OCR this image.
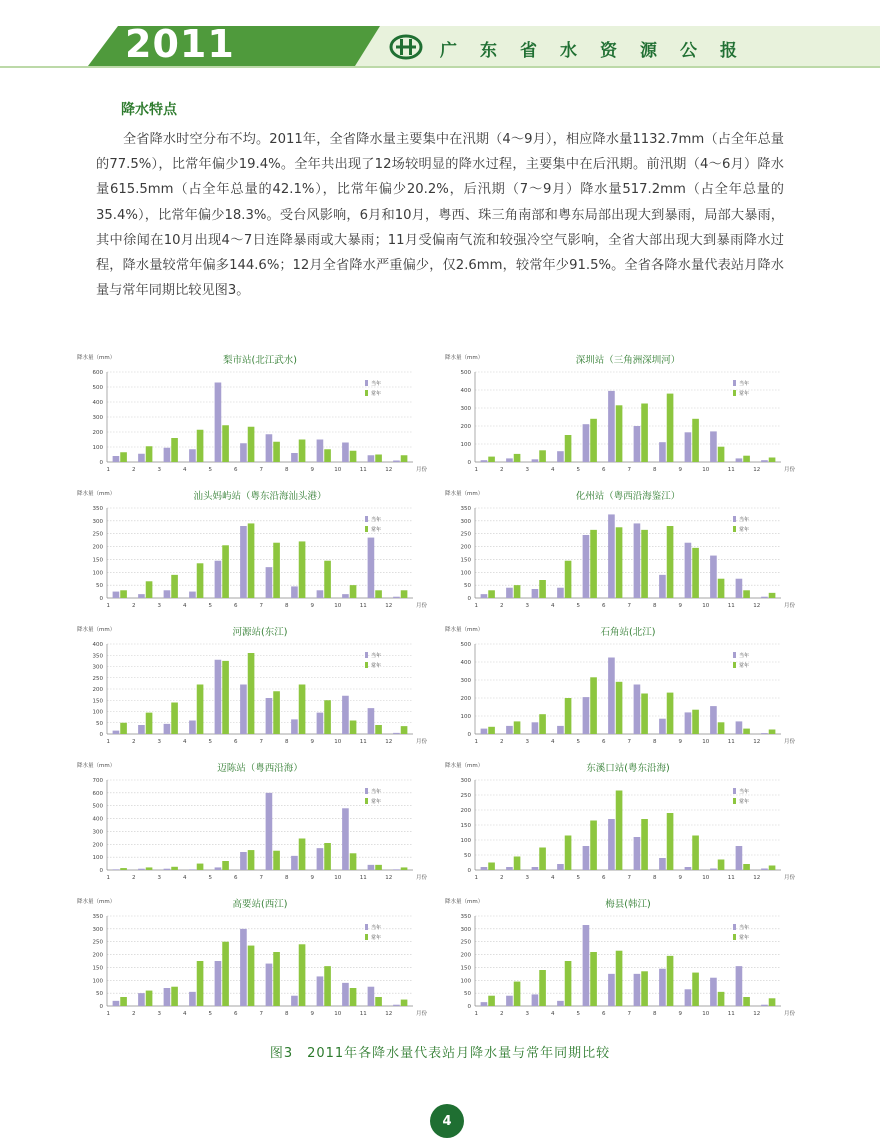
2011	广东省水资源公报
降水特点
全省降水时空分布不均。2011年，全省降水量主要集中在汛期（4～9月），相应降水量1132.7mm（占全年总量的77.5%），比常年偏少19.4%。全年共出现了12场较明显的降水过程，主要集中在后汛期。前汛期（4～6月）降水量615.5mm（占全年总量的42.1%），比常年偏少20.2%，后汛期（7～9月）降水量517.2mm（占全年总量的35.4%），比常年偏少18.3%。受台风影响，6月和10月，粤西、珠三角南部和粤东局部出现大到暴雨，局部大暴雨，其中徐闻在10月出现4～7日连降暴雨或大暴雨；11月受偏南气流和较强冷空气影响，全省大部出现大到暴雨降水过程，降水量较常年偏多144.6%；12月全省降水严重偏少，仅2.6mm，较常年少91.5%。全省各降水量代表站月降水量与常年同期比较见图3。
降水量（mm）	梨市站(北江武水)
0
100
200
300
400
500
600
1	2	3	4	5	6	7	8	9	10	11	12	月份
当年
常年
降水量（mm）	深圳站（三角洲深圳河）
0
100
200
300
400
500
1	2	3	4	5	6	7	8	9	10	11	12	月份
当年
常年
降水量（mm）	汕头妈屿站（粤东沿海汕头港）
0
50
100
150
200
250
300
350
1	2	3	4	5	6	7	8	9	10	11	12	月份
当年
常年
降水量（mm）	化州站（粤西沿海鉴江）
0
50
100
150
200
250
300
350
1	2	3	4	5	6	7	8	9	10	11	12	月份
当年
常年
降水量（mm）	河源站(东江)
0
50
100
150
200
250
300
350
400
1	2	3	4	5	6	7	8	9	10	11	12	月份
当年
常年
降水量（mm）	石角站(北江)
0
100
200
300
400
500
1	2	3	4	5	6	7	8	9	10	11	12	月份
当年
常年
降水量（mm）	迈陈站（粤西沿海）
0
100
200
300
400
500
600
700
1	2	3	4	5	6	7	8	9	10	11	12	月份
当年
常年
降水量（mm）	东溪口站(粤东沿海)
0
50
100
150
200
250
300
1	2	3	4	5	6	7	8	9	10	11	12	月份
当年
常年
降水量（mm）	高要站(西江)
0
50
100
150
200
250
300
350
1	2	3	4	5	6	7	8	9	10	11	12	月份
当年
常年
降水量（mm）	梅县(韩江)
0
50
100
150
200
250
300
350
1	2	3	4	5	6	7	8	9	10	11	12	月份
当年
常年
图3　2011年各降水量代表站月降水量与常年同期比较
4
